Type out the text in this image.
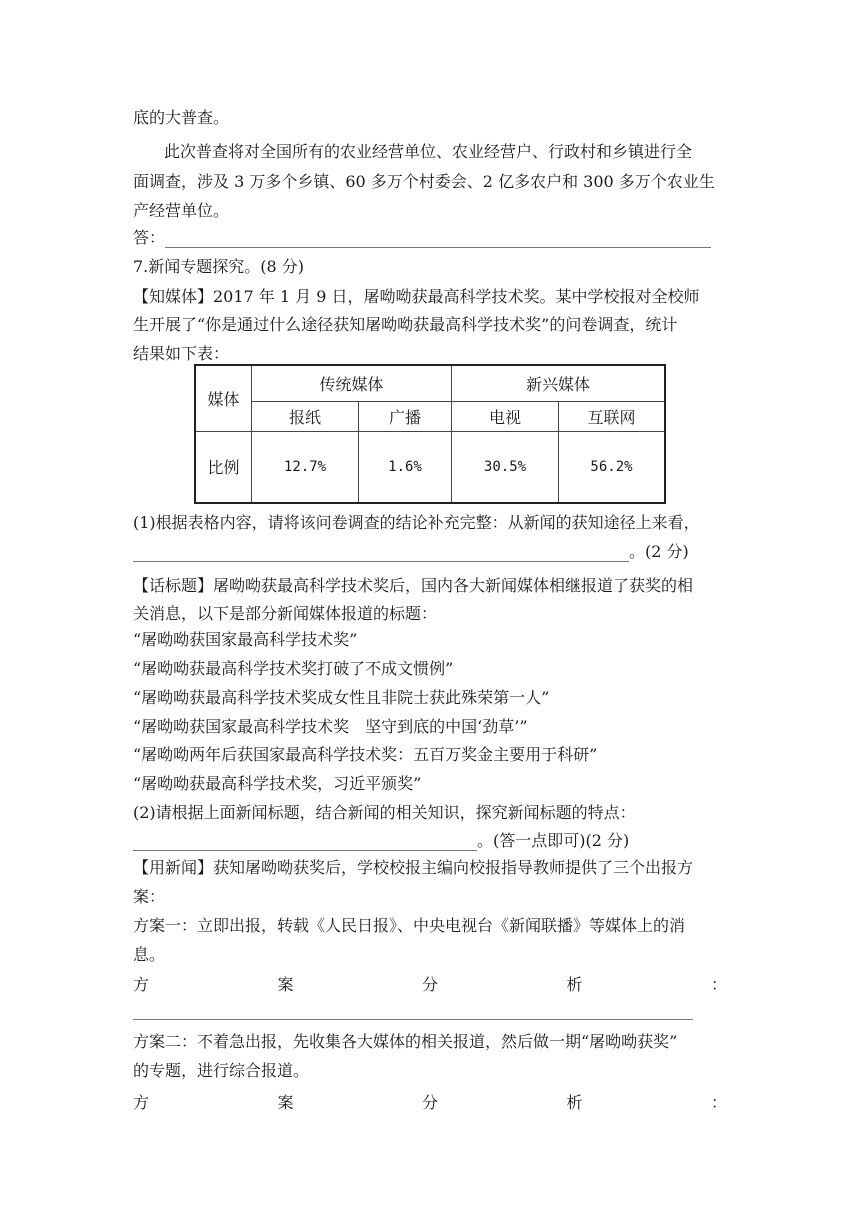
底的大普查。
此次普查将对全国所有的农业经营单位、农业经营户、行政村和乡镇进行全
面调查，涉及 3 万多个乡镇、60 多万个村委会、2 亿多农户和 300 多万个农业生
产经营单位。
答：
7.新闻专题探究。(8 分)
【知媒体】2017 年 1 月 9 日，屠呦呦获最高科学技术奖。某中学校报对全校师
生开展了“你是通过什么途径获知屠呦呦获最高科学技术奖”的问卷调查，统计
结果如下表：
媒体	传统媒体		新兴媒体	
	报纸	广播	电视	互联网
比例	12.7%	1.6%	30.5%	56.2%
(1)根据表格内容，请将该问卷调查的结论补充完整：从新闻的获知途径上来看，
。(2 分)
【话标题】屠呦呦获最高科学技术奖后，国内各大新闻媒体相继报道了获奖的相
关消息，以下是部分新闻媒体报道的标题：
“屠呦呦获国家最高科学技术奖”
“屠呦呦获最高科学技术奖打破了不成文惯例”
“屠呦呦获最高科学技术奖成女性且非院士获此殊荣第一人”
“屠呦呦获国家最高科学技术奖　坚守到底的中国‘劲草’”
“屠呦呦两年后获国家最高科学技术奖：五百万奖金主要用于科研”
“屠呦呦获最高科学技术奖，习近平颁奖”
(2)请根据上面新闻标题，结合新闻的相关知识，探究新闻标题的特点：
。(答一点即可)(2 分)
【用新闻】获知屠呦呦获奖后，学校校报主编向校报指导教师提供了三个出报方
案：
方案一：立即出报，转载《人民日报》、中央电视台《新闻联播》等媒体上的消
息。
方	案	分	析	：
方案二：不着急出报，先收集各大媒体的相关报道，然后做一期“屠呦呦获奖”
的专题，进行综合报道。
方	案	分	析	：
